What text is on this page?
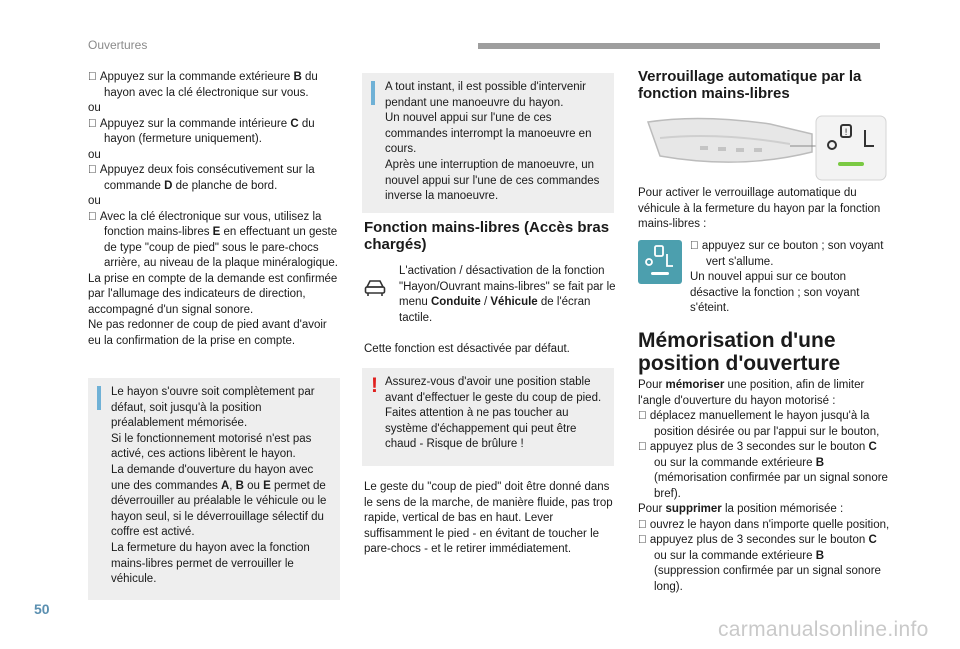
Ouvertures

Appuyez sur la commande extérieure B du hayon avec la clé électronique sur vous.

ou

Appuyez sur la commande intérieure C du hayon (fermeture uniquement).

ou

Appuyez deux fois consécutivement sur la commande D de planche de bord.

ou

Avec la clé électronique sur vous, utilisez la fonction mains-libres E en effectuant un geste de type "coup de pied" sous le pare-chocs arrière, au niveau de la plaque minéralogique.

La prise en compte de la demande est confirmée par l'allumage des indicateurs de direction, accompagné d'un signal sonore.

Ne pas redonner de coup de pied avant d'avoir eu la confirmation de la prise en compte.

Le hayon s'ouvre soit complètement par défaut, soit jusqu'à la position préalablement mémorisée.

Si le fonctionnement motorisé n'est pas activé, ces actions libèrent le hayon.

La demande d'ouverture du hayon avec une des commandes A, B ou E permet de déverrouiller au préalable le véhicule ou le hayon seul, si le déverrouillage sélectif du coffre est activé.

La fermeture du hayon avec la fonction mains-libres permet de verrouiller le véhicule.

A tout instant, il est possible d'intervenir pendant une manoeuvre du hayon.

Un nouvel appui sur l'une de ces commandes interrompt la manoeuvre en cours.

Après une interruption de manoeuvre, un nouvel appui sur l'une de ces commandes inverse la manoeuvre.

Fonction mains-libres (Accès bras chargés)

L'activation / désactivation de la fonction "Hayon/Ouvrant mains-libres" se fait par le menu Conduite / Véhicule de l'écran tactile.

Cette fonction est désactivée par défaut.
! Assurez-vous d'avoir une position stable avant d'effectuer le geste du coup de pied. Faites attention à ne pas toucher au système d'échappement qui peut être chaud - Risque de brûlure !
Le geste du "coup de pied" doit être donné dans le sens de la marche, de manière fluide, pas trop rapide, vertical de bas en haut. Lever suffisamment le pied - en évitant de toucher le pare-chocs - et le retirer immédiatement.
Verrouillage automatique par la fonction mains-libres
!
Pour activer le verrouillage automatique du véhicule à la fermeture du hayon par la fonction mains-libres :

appuyez sur ce bouton ; son voyant vert s'allume.

Un nouvel appui sur ce bouton désactive la fonction ; son voyant s'éteint.

Mémorisation d'une position d'ouverture

Pour mémoriser une position, afin de limiter l'angle d'ouverture du hayon motorisé :

déplacez manuellement le hayon jusqu'à la position désirée ou par l'appui sur le bouton,

appuyez plus de 3 secondes sur le bouton C ou sur la commande extérieure B (mémorisation confirmée par un signal sonore bref).

Pour supprimer la position mémorisée :

ouvrez le hayon dans n'importe quelle position,

appuyez plus de 3 secondes sur le bouton C ou sur la commande extérieure B (suppression confirmée par un signal sonore long).

50
carmanualsonline.info
